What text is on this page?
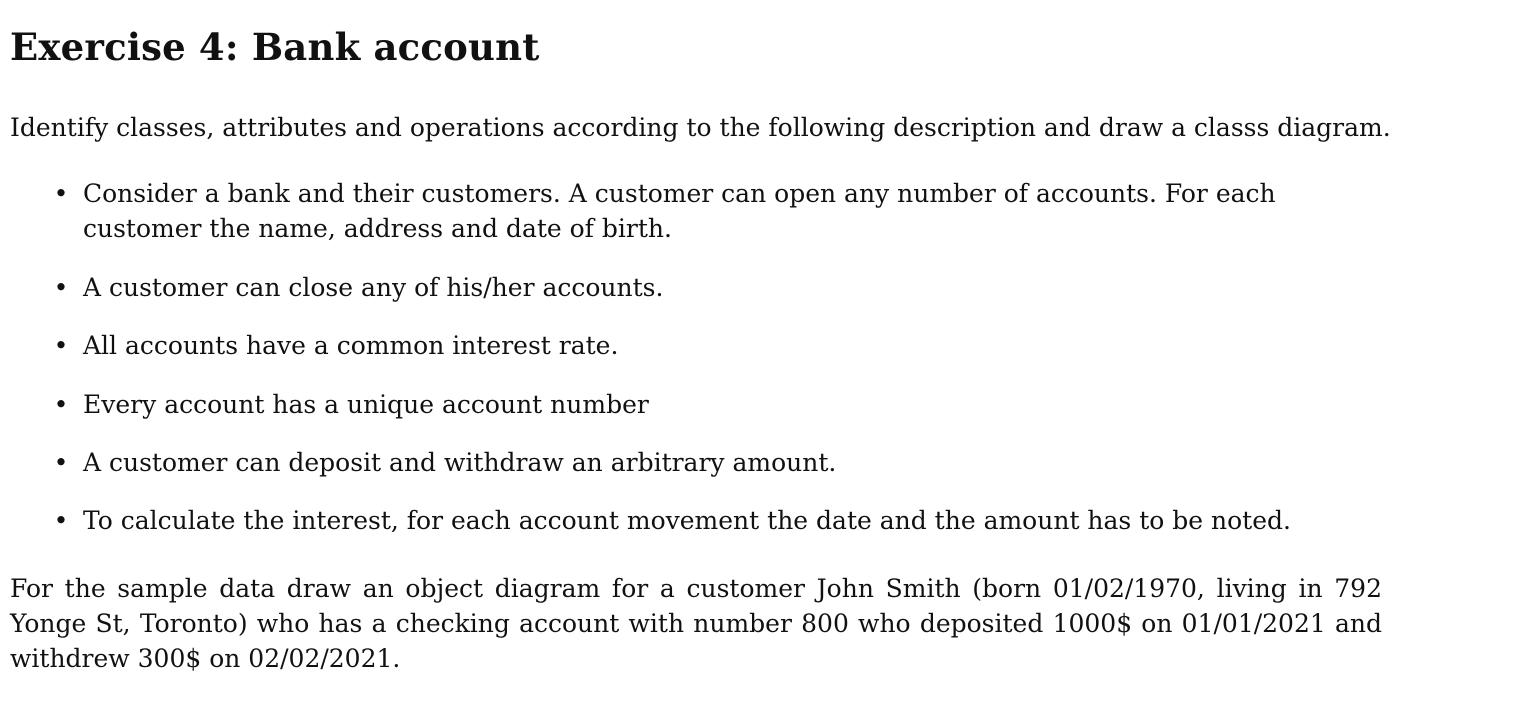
Exercise 4: Bank account

Identify classes, attributes and operations according to the following description and draw a classs diagram.

• Consider a bank and their customers. A customer can open any number of accounts. For each customer the name, address and date of birth.
• A customer can close any of his/her accounts.
• All accounts have a common interest rate.
• Every account has a unique account number
• A customer can deposit and withdraw an arbitrary amount.
• To calculate the interest, for each account movement the date and the amount has to be noted.

For the sample data draw an object diagram for a customer John Smith (born 01/02/1970, living in 792 Yonge St, Toronto) who has a checking account with number 800 who deposited 1000$ on 01/01/2021 and withdrew 300$ on 02/02/2021.
